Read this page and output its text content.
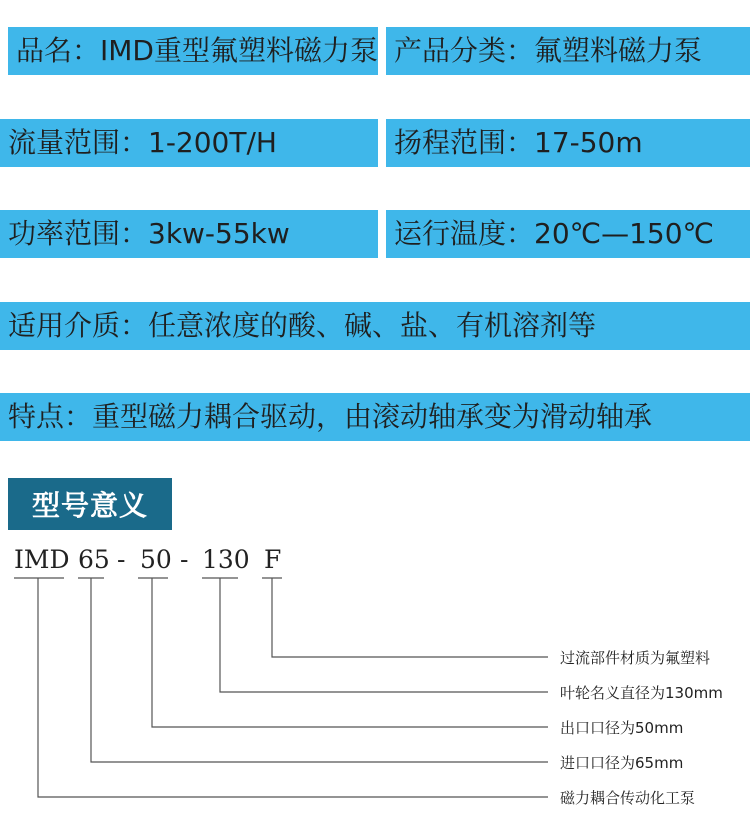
品名：IMD重型氟塑料磁力泵 产品分类：氟塑料磁力泵
流量范围：1-200T/H	扬程范围：17-50m
功率范围：3kw-55kw	运行温度：20℃—150℃
适用介质：任意浓度的酸、碱、盐、有机溶剂等
特点：重型磁力耦合驱动，由滚动轴承变为滑动轴承
型号意义
IMD 65 - 50 - 130 F
过流部件材质为氟塑料
叶轮名义直径为130mm
出口口径为50mm
进口口径为65mm
磁力耦合传动化工泵
